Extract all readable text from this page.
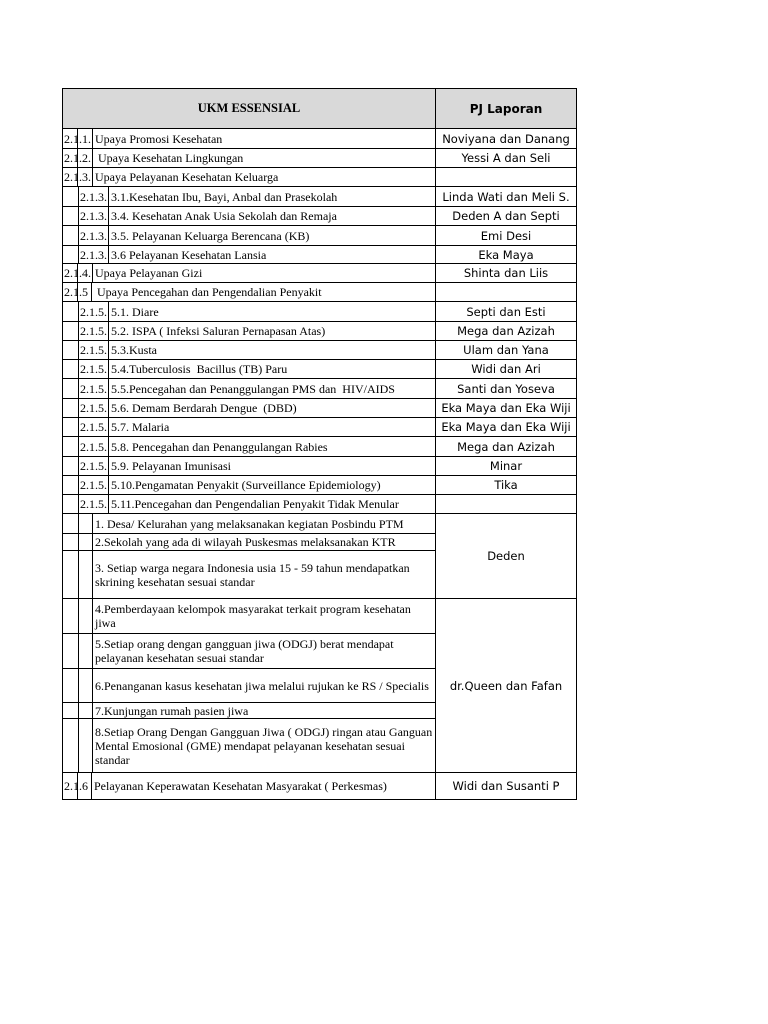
UKM ESSENSIAL	PJ Laporan
2.1.1. Upaya Promosi Kesehatan
2.1.2. Upaya Kesehatan Lingkungan
2.1.3. Upaya Pelayanan Kesehatan Keluarga
2.1.3. 3.1.Kesehatan Ibu, Bayi, Anbal dan Prasekolah
2.1.3. 3.4. Kesehatan Anak Usia Sekolah dan Remaja
2.1.3. 3.5. Pelayanan Keluarga Berencana (KB)
2.1.3. 3.6 Pelayanan Kesehatan Lansia
2.1.4. Upaya Pelayanan Gizi
2.1.5 Upaya Pencegahan dan Pengendalian Penyakit
2.1.5. 5.1. Diare
2.1.5. 5.2. ISPA ( Infeksi Saluran Pernapasan Atas)
2.1.5. 5.3.Kusta
2.1.5. 5.4.Tuberculosis  Bacillus (TB) Paru
2.1.5. 5.5.Pencegahan dan Penanggulangan PMS dan  HIV/AIDS
2.1.5. 5.6. Demam Berdarah Dengue  (DBD)
2.1.5. 5.7. Malaria
2.1.5. 5.8. Pencegahan dan Penanggulangan Rabies
2.1.5. 5.9. Pelayanan Imunisasi
2.1.5. 5.10.Pengamatan Penyakit (Surveillance Epidemiology)
2.1.5. 5.11.Pencegahan dan Pengendalian Penyakit Tidak Menular
1. Desa/ Kelurahan yang melaksanakan kegiatan Posbindu PTM
2.Sekolah yang ada di wilayah Puskesmas melaksanakan KTR
3. Setiap warga negara Indonesia usia 15 - 59 tahun mendapatkan skrining kesehatan sesuai standar
4.Pemberdayaan kelompok masyarakat terkait program kesehatan jiwa
5.Setiap orang dengan gangguan jiwa (ODGJ) berat mendapat pelayanan kesehatan sesuai standar
6.Penanganan kasus kesehatan jiwa melalui rujukan ke RS / Specialis
7.Kunjungan rumah pasien jiwa
8.Setiap Orang Dengan Gangguan Jiwa ( ODGJ) ringan atau Ganguan Mental Emosional (GME) mendapat pelayanan kesehatan sesuai standar
2.1.6 Pelayanan Keperawatan Kesehatan Masyarakat ( Perkesmas)
Noviyana dan Danang
Yessi A dan Seli
Linda Wati dan Meli S.
Deden A dan Septi
Emi Desi
Eka Maya
Shinta dan Liis
Septi dan Esti
Mega dan Azizah
Ulam dan Yana
Widi dan Ari
Santi dan Yoseva
Eka Maya dan Eka Wiji
Eka Maya dan Eka Wiji
Mega dan Azizah
Minar
Tika
Deden
dr.Queen dan Fafan
Widi dan Susanti P
